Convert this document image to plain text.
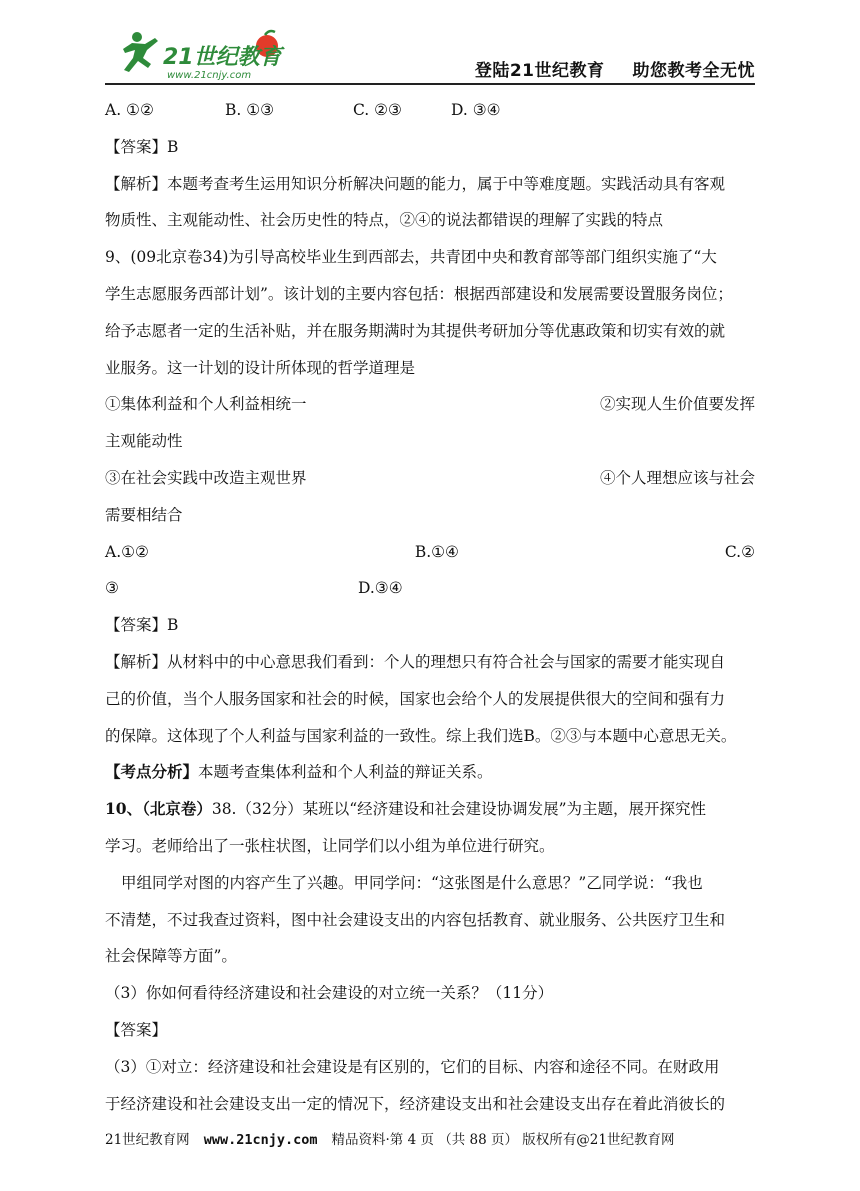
21世纪教育
www.21cnjy.com	登陆21世纪教育 助您教考全无忧
A. ①②	B. ①③	C. ②③	D. ③④
【答案】B
【解析】本题考查考生运用知识分析解决问题的能力，属于中等难度题。实践活动具有客观
物质性、主观能动性、社会历史性的特点，②④的说法都错误的理解了实践的特点
9、(09北京卷34)为引导高校毕业生到西部去，共青团中央和教育部等部门组织实施了“大
学生志愿服务西部计划”。该计划的主要内容包括：根据西部建设和发展需要设置服务岗位；
给予志愿者一定的生活补贴，并在服务期满时为其提供考研加分等优惠政策和切实有效的就
业服务。这一计划的设计所体现的哲学道理是
①集体利益和个人利益相统一	②实现人生价值要发挥
主观能动性
③在社会实践中改造主观世界	④个人理想应该与社会
需要相结合
A.①②	B.①④	C.②
③	D.③④
【答案】B
【解析】从材料中的中心意思我们看到：个人的理想只有符合社会与国家的需要才能实现自
己的价值，当个人服务国家和社会的时候，国家也会给个人的发展提供很大的空间和强有力
的保障。这体现了个人利益与国家利益的一致性。综上我们选B。②③与本题中心意思无关。
【考点分析】本题考查集体利益和个人利益的辩证关系。
10、（北京卷）38.（32分）某班以“经济建设和社会建设协调发展”为主题，展开探究性
学习。老师给出了一张柱状图，让同学们以小组为单位进行研究。
甲组同学对图的内容产生了兴趣。甲同学问：“这张图是什么意思？”乙同学说：“我也
不清楚，不过我查过资料，图中社会建设支出的内容包括教育、就业服务、公共医疗卫生和
社会保障等方面”。
（3）你如何看待经济建设和社会建设的对立统一关系？（11分）
【答案】
（3）①对立：经济建设和社会建设是有区别的，它们的目标、内容和途径不同。在财政用
于经济建设和社会建设支出一定的情况下，经济建设支出和社会建设支出存在着此消彼长的
21世纪教育网 www.21cnjy.com 精品资料·第 4 页 （共 88 页） 版权所有@21世纪教育网
